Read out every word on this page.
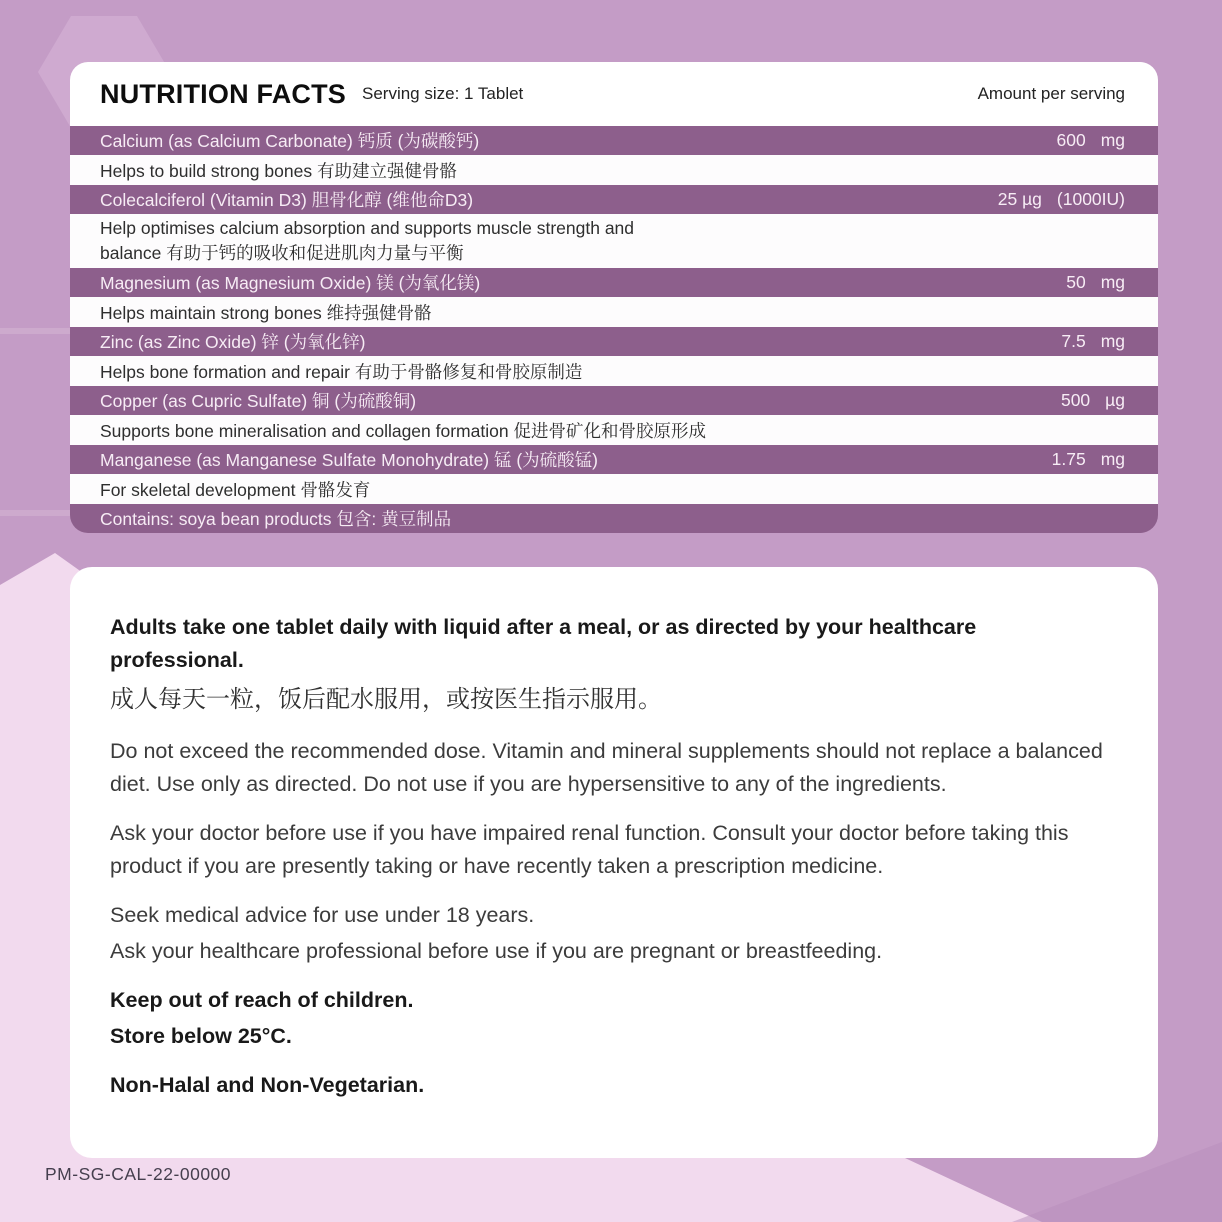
NUTRITION FACTS Serving size: 1 Tablet	Amount per serving
Calcium (as Calcium Carbonate) 钙质 (为碳酸钙)	600 mg
Helps to build strong bones 有助建立强健骨骼
Colecalciferol (Vitamin D3) 胆骨化醇 (维他命D3)	25 µg (1000IU)
Help optimises calcium absorption and supports muscle strength and balance 有助于钙的吸收和促进肌肉力量与平衡
Magnesium (as Magnesium Oxide) 镁 (为氧化镁)	50 mg
Helps maintain strong bones 维持强健骨骼
Zinc (as Zinc Oxide) 锌 (为氧化锌)	7.5 mg
Helps bone formation and repair 有助于骨骼修复和骨胶原制造
Copper (as Cupric Sulfate) 铜 (为硫酸铜)	500 µg
Supports bone mineralisation and collagen formation 促进骨矿化和骨胶原形成
Manganese (as Manganese Sulfate Monohydrate) 锰 (为硫酸锰)	1.75 mg
For skeletal development 骨骼发育
Contains: soya bean products 包含: 黄豆制品
Adults take one tablet daily with liquid after a meal, or as directed by your healthcare professional.
成人每天一粒，饭后配水服用，或按医生指示服用。
Do not exceed the recommended dose. Vitamin and mineral supplements should not replace a balanced diet. Use only as directed. Do not use if you are hypersensitive to any of the ingredients.
Ask your doctor before use if you have impaired renal function. Consult your doctor before taking this product if you are presently taking or have recently taken a prescription medicine.
Seek medical advice for use under 18 years.
Ask your healthcare professional before use if you are pregnant or breastfeeding.
Keep out of reach of children.
Store below 25°C.
Non-Halal and Non-Vegetarian.
PM-SG-CAL-22-00000
